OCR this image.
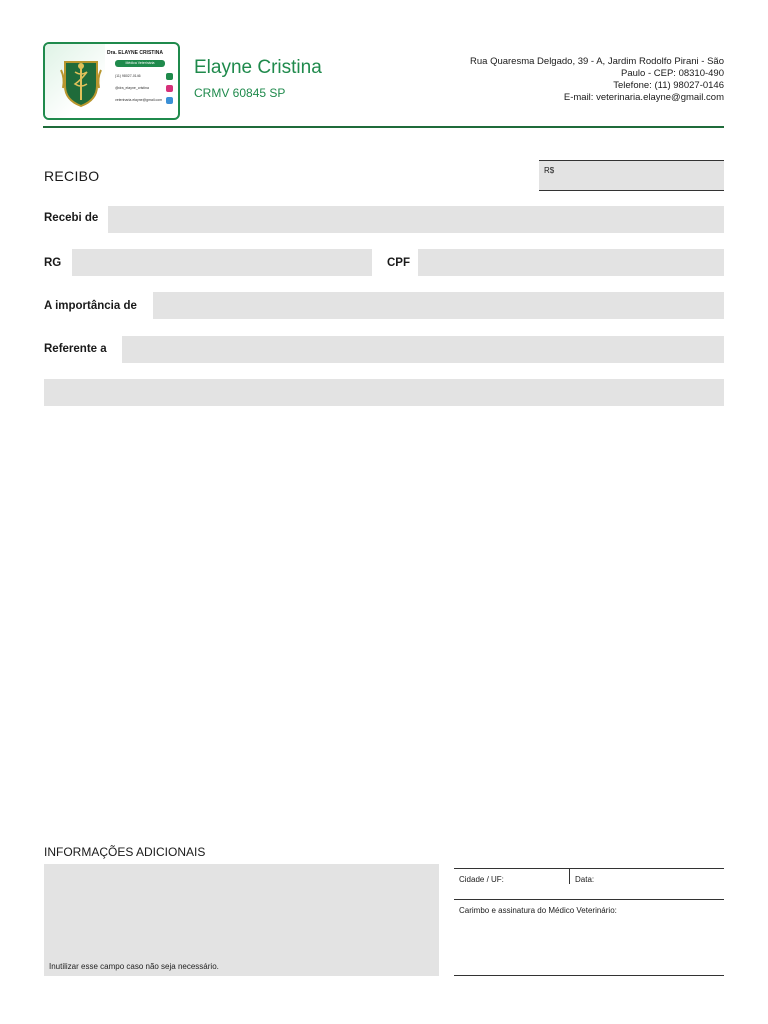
Dra. ELAYNE CRISTINA
Médica Veterinária
(11) 98027-0146
@dra_elayne_cristina
veterinaria.elayne@gmail.com
Elayne Cristina
CRMV 60845 SP
Rua Quaresma Delgado, 39 - A, Jardim Rodolfo Pirani - São
Paulo - CEP: 08310-490
Telefone: (11) 98027-0146
E-mail: veterinaria.elayne@gmail.com
RECIBO	R$
Recebi de
RG	CPF
A importância de
Referente a
INFORMAÇÕES ADICIONAIS
Inutilizar esse campo caso não seja necessário.
Cidade / UF:	Data:
Carimbo e assinatura do Médico Veterinário:
